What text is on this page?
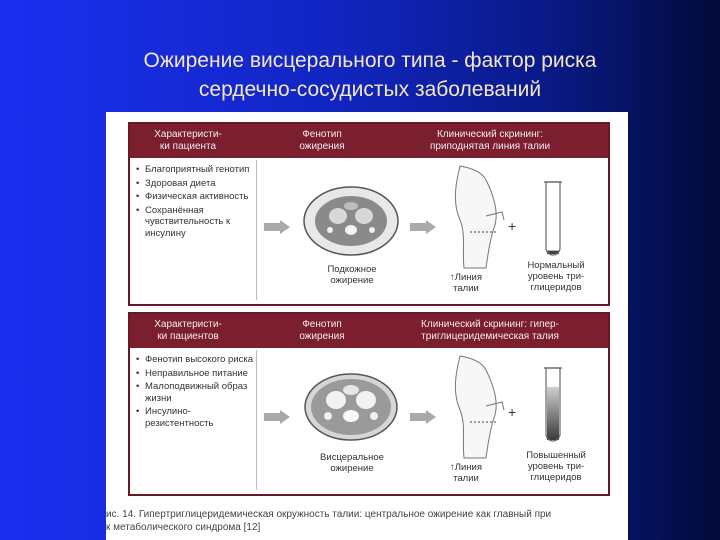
Ожирение висцерального типа - фактор риска
сердечно-сосудистых заболеваний
Характеристи-
ки пациента
Фенотип
ожирения
Клинический скрининг:
приподнятая линия талии
• Благоприятный генотип
• Здоровая диета
• Физическая активность
• Сохранённая чувствительность к инсулину
Подкожное
ожирение	↑Линия
талии
+
Нормальный
уровень три-
глицеридов
Характеристи-
ки пациентов
Фенотип
ожирения
Клинический скрининг: гипер-
триглицеридемическая талия
• Фенотип высокого риска
• Неправильное питание
• Малоподвижный образ жизни
• Инсулино-резистентность
Висцеральное
ожирение	↑Линия
талии
+
Повышенный
уровень три-
глицеридов
ис. 14. Гипертриглицеридемическая окружность талии: центральное ожирение как главный при
к метаболического синдрома [12]
